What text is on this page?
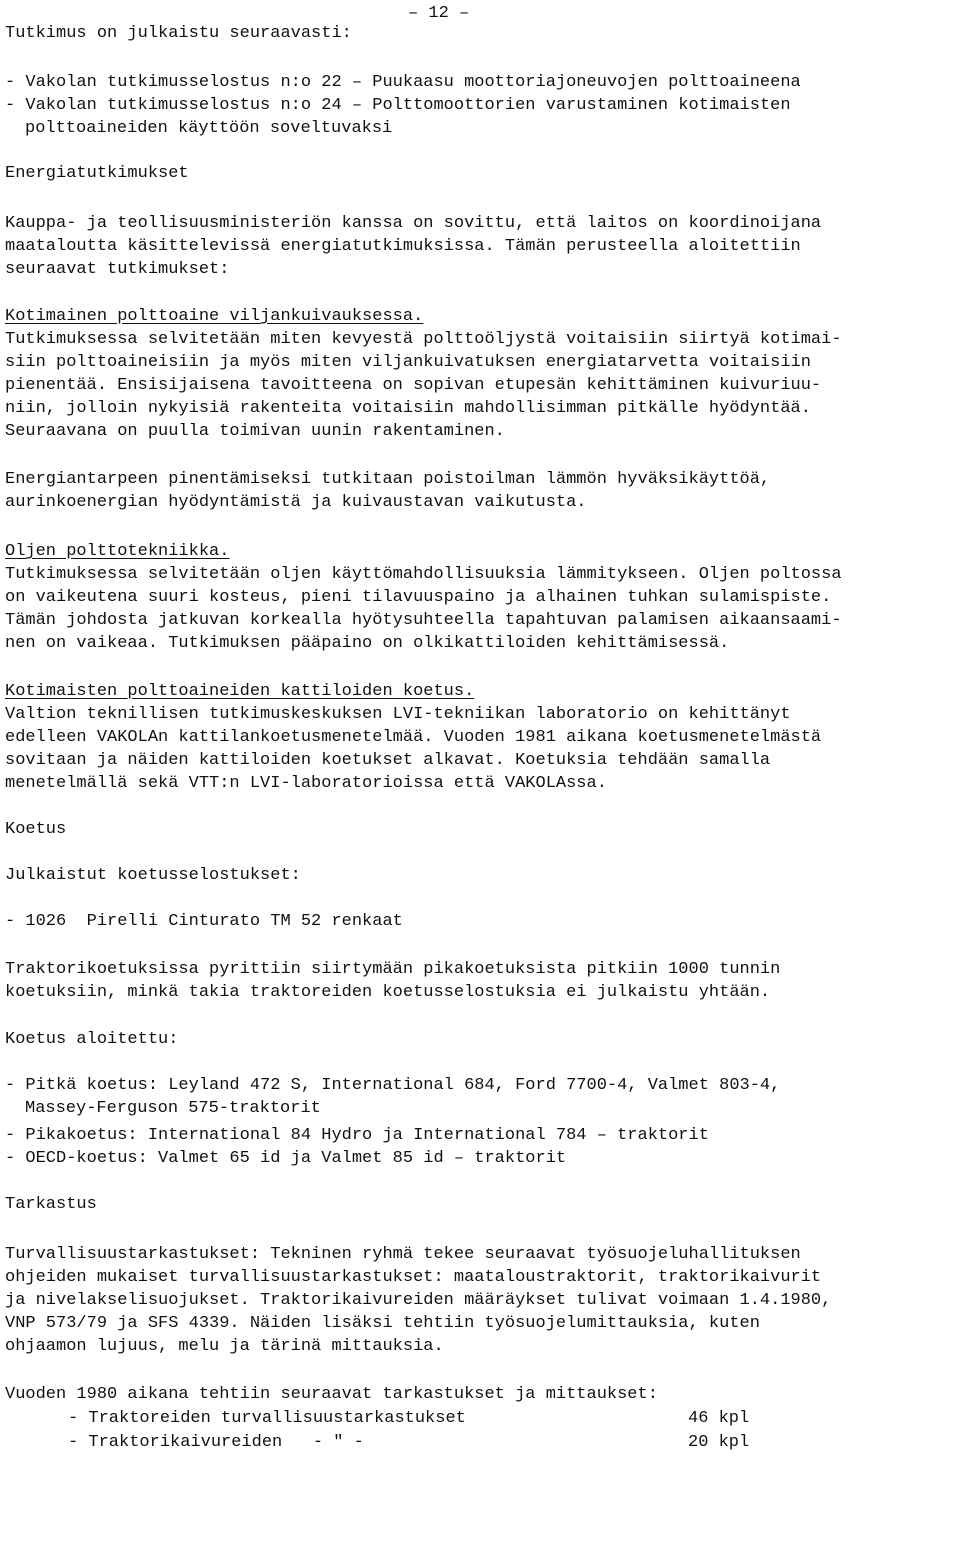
– 12 –
Tutkimus on julkaistu seuraavasti:
- Vakolan tutkimusselostus n:o 22 – Puukaasu moottoriajoneuvojen polttoaineena
- Vakolan tutkimusselostus n:o 24 – Polttomoottorien varustaminen kotimaisten
polttoaineiden käyttöön soveltuvaksi
Energiatutkimukset
Kauppa- ja teollisuusministeriön kanssa on sovittu, että laitos on koordinoijana
maataloutta käsittelevissä energiatutkimuksissa. Tämän perusteella aloitettiin
seuraavat tutkimukset:
Kotimainen polttoaine viljankuivauksessa.
Tutkimuksessa selvitetään miten kevyestä polttoöljystä voitaisiin siirtyä kotimai-
siin polttoaineisiin ja myös miten viljankuivatuksen energiatarvetta voitaisiin
pienentää. Ensisijaisena tavoitteena on sopivan etupesän kehittäminen kuivuriuu-
niin, jolloin nykyisiä rakenteita voitaisiin mahdollisimman pitkälle hyödyntää.
Seuraavana on puulla toimivan uunin rakentaminen.
Energiantarpeen pinentämiseksi tutkitaan poistoilman lämmön hyväksikäyttöä,
aurinkoenergian hyödyntämistä ja kuivaustavan vaikutusta.
Oljen polttotekniikka.
Tutkimuksessa selvitetään oljen käyttömahdollisuuksia lämmitykseen. Oljen poltossa
on vaikeutena suuri kosteus, pieni tilavuuspaino ja alhainen tuhkan sulamispiste.
Tämän johdosta jatkuvan korkealla hyötysuhteella tapahtuvan palamisen aikaansaami-
nen on vaikeaa. Tutkimuksen pääpaino on olkikattiloiden kehittämisessä.
Kotimaisten polttoaineiden kattiloiden koetus.
Valtion teknillisen tutkimuskeskuksen LVI-tekniikan laboratorio on kehittänyt
edelleen VAKOLAn kattilankoetusmenetelmää. Vuoden 1981 aikana koetusmenetelmästä
sovitaan ja näiden kattiloiden koetukset alkavat. Koetuksia tehdään samalla
menetelmällä sekä VTT:n LVI-laboratorioissa että VAKOLAssa.
Koetus
Julkaistut koetusselostukset:
- 1026  Pirelli Cinturato TM 52 renkaat
Traktorikoetuksissa pyrittiin siirtymään pikakoetuksista pitkiin 1000 tunnin
koetuksiin, minkä takia traktoreiden koetusselostuksia ei julkaistu yhtään.
Koetus aloitettu:
- Pitkä koetus: Leyland 472 S, International 684, Ford 7700-4, Valmet 803-4,
Massey-Ferguson 575-traktorit
- Pikakoetus: International 84 Hydro ja International 784 – traktorit
- OECD-koetus: Valmet 65 id ja Valmet 85 id – traktorit
Tarkastus
Turvallisuustarkastukset: Tekninen ryhmä tekee seuraavat työsuojeluhallituksen
ohjeiden mukaiset turvallisuustarkastukset: maataloustraktorit, traktorikaivurit
ja nivelakselisuojukset. Traktorikaivureiden määräykset tulivat voimaan 1.4.1980,
VNP 573/79 ja SFS 4339. Näiden lisäksi tehtiin työsuojelumittauksia, kuten
ohjaamon lujuus, melu ja tärinä mittauksia.
Vuoden 1980 aikana tehtiin seuraavat tarkastukset ja mittaukset:
- Traktoreiden turvallisuustarkastukset	46 kpl
- Traktorikaivureiden   - " -	20 kpl
